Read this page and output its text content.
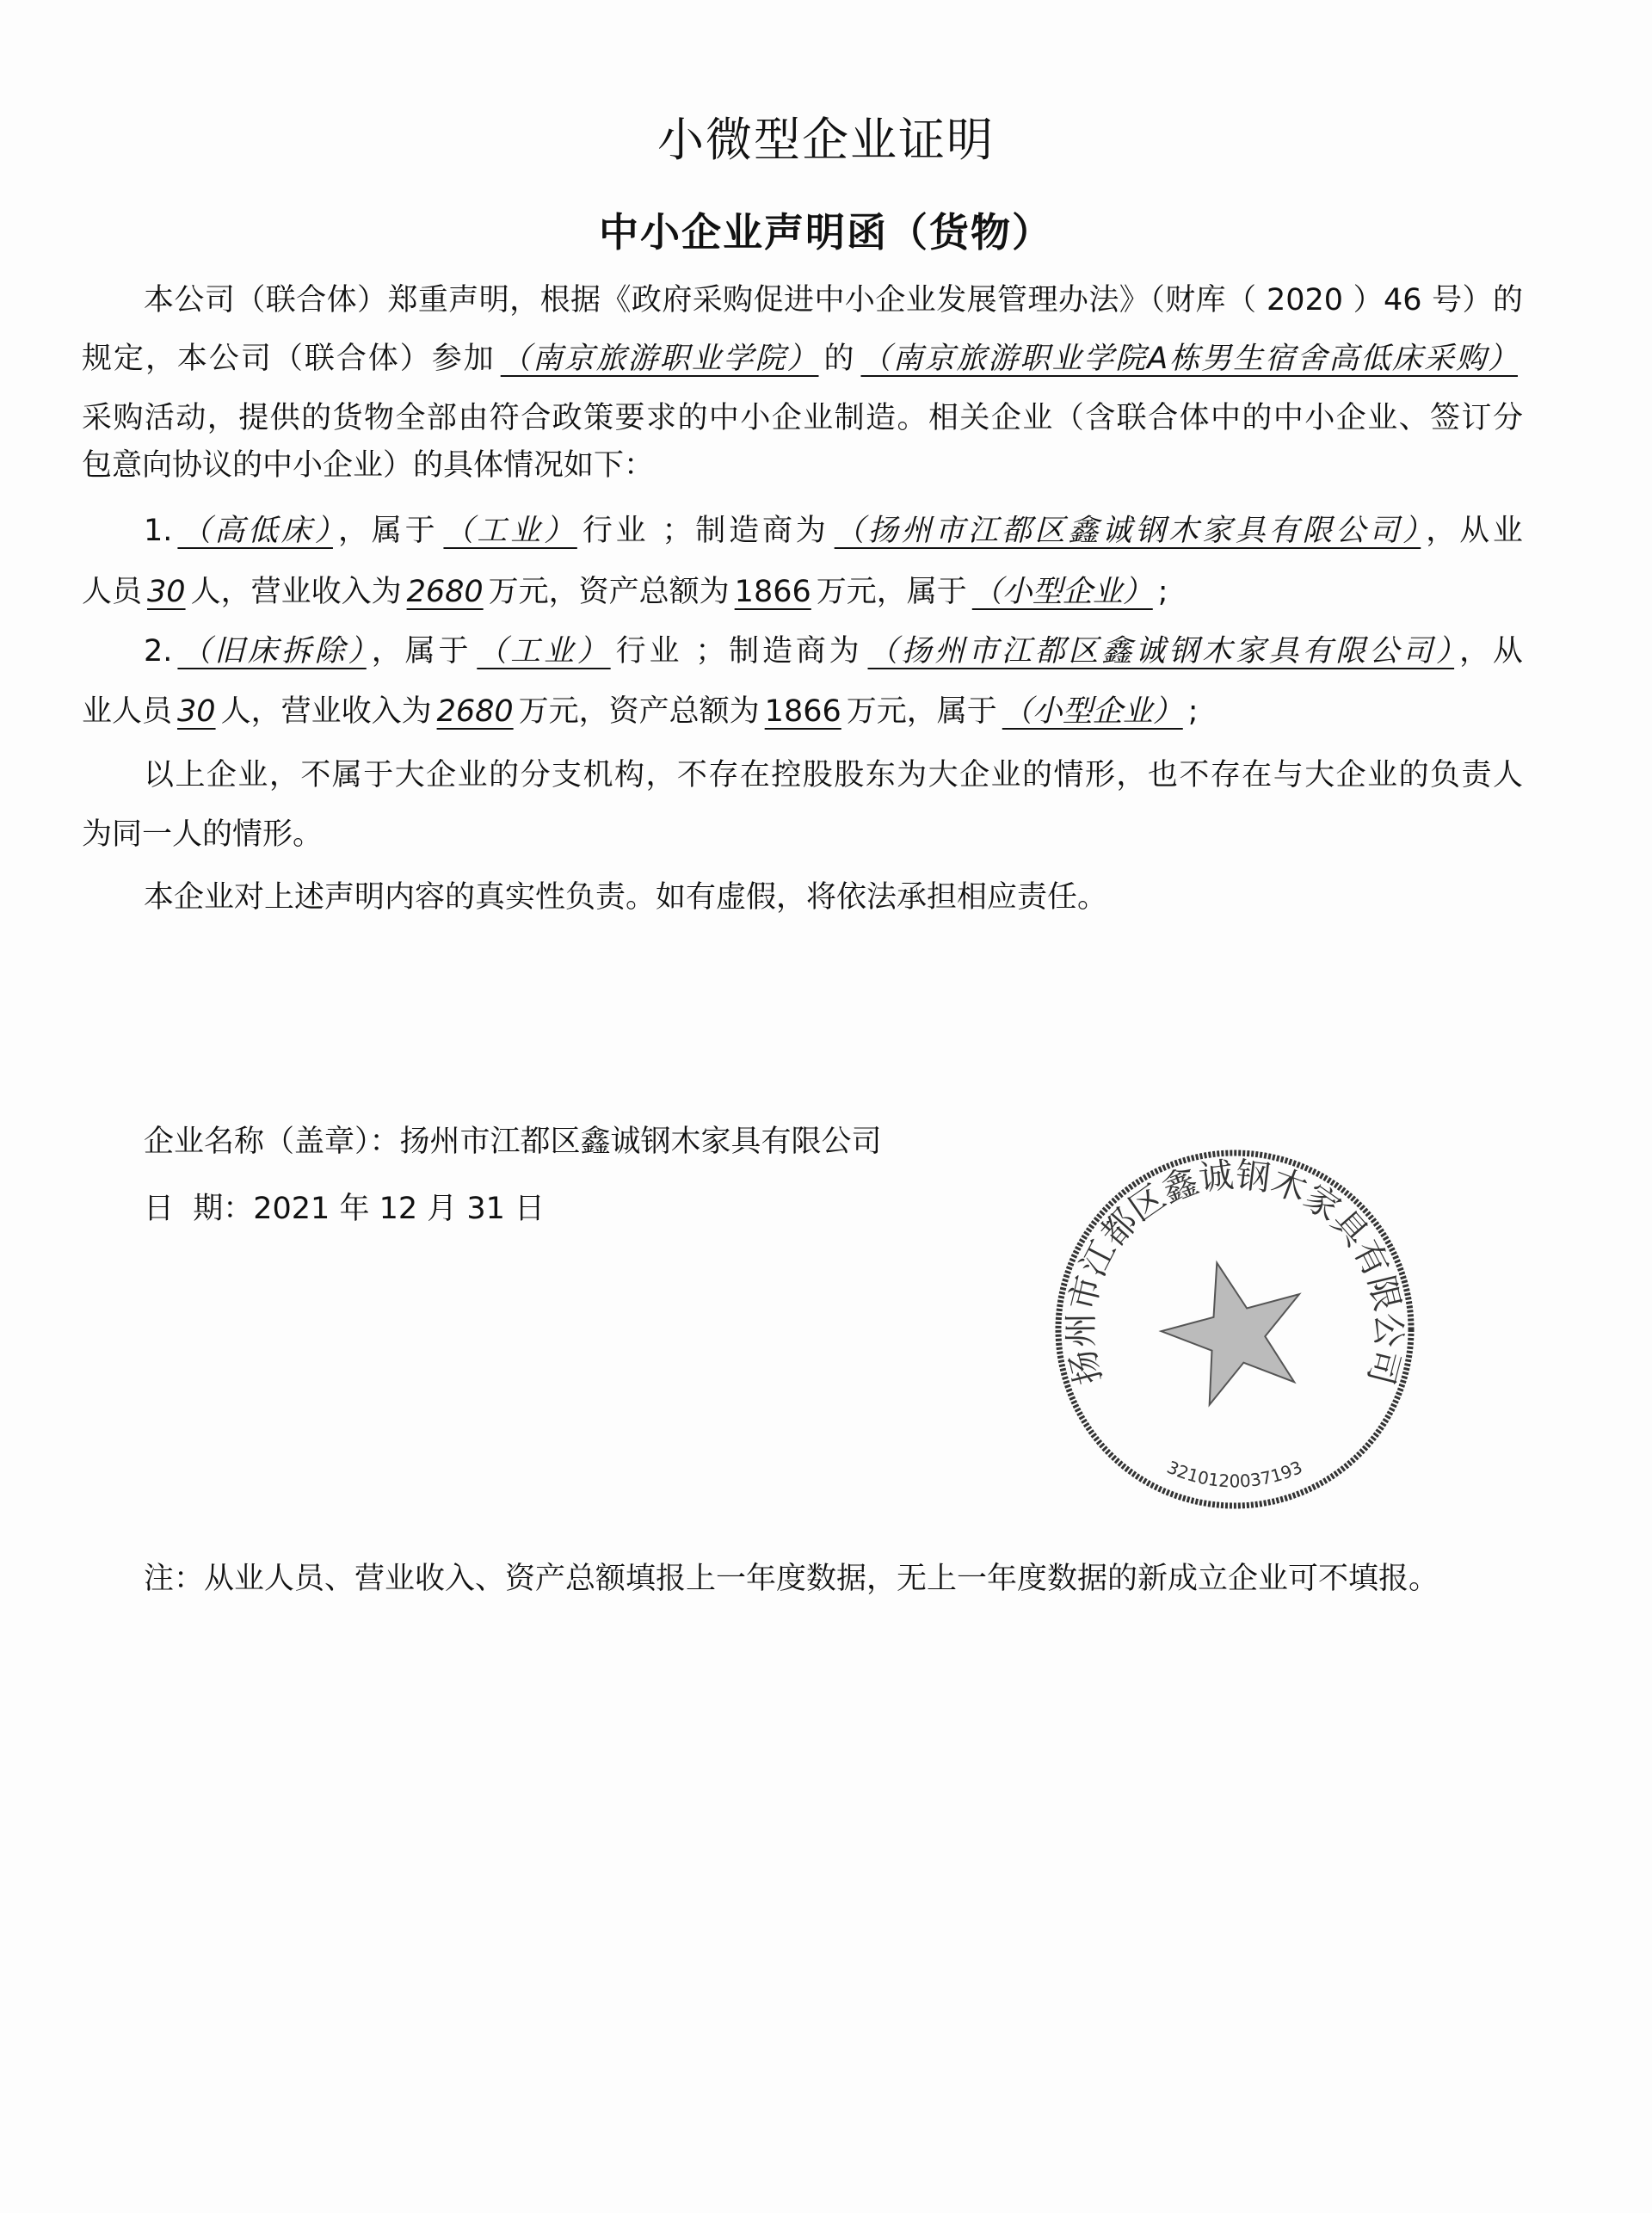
小微型企业证明
中小企业声明函（货物）
本公司（联合体）郑重声明，根据《政府采购促进中小企业发展管理办法》（财库（ 2020 ）46 号）的
规定，本公司（联合体）参加 （南京旅游职业学院） 的 （南京旅游职业学院A栋男生宿舍高低床采购）
采购活动，提供的货物全部由符合政策要求的中小企业制造。相关企业（含联合体中的中小企业、签订分
包意向协议的中小企业）的具体情况如下：
1. （高低床） ，属于 （工业） 行业 ；制造商为 （扬州市江都区鑫诚钢木家具有限公司） ，从业
人员 30 人，营业收入为 2680 万元，资产总额为 1866 万元，属于 （小型企业） ;
2. （旧床拆除） ，属于 （工业） 行业 ；制造商为 （扬州市江都区鑫诚钢木家具有限公司） ，从
业人员 30 人，营业收入为 2680 万元，资产总额为 1866 万元，属于 （小型企业） ;
以上企业，不属于大企业的分支机构，不存在控股股东为大企业的情形，也不存在与大企业的负责人
为同一人的情形。
本企业对上述声明内容的真实性负责。如有虚假，将依法承担相应责任。
企业名称（盖章）：扬州市江都区鑫诚钢木家具有限公司
日  期：2021 年 12 月 31 日
扬州市江都区鑫诚钢木家具有限公司
3210120037193
注：从业人员、营业收入、资产总额填报上一年度数据，无上一年度数据的新成立企业可不填报。
